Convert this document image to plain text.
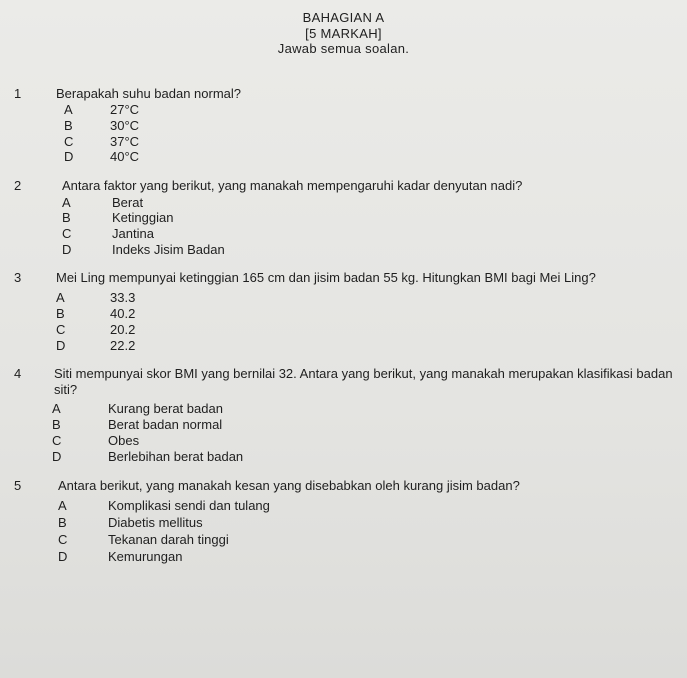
BAHAGIAN A
[5 MARKAH]
Jawab semua soalan.
1	Berapakah suhu badan normal?
A	27°C
B	30°C
C	37°C
D	40°C
2	Antara faktor yang berikut, yang manakah mempengaruhi kadar denyutan nadi?
A	Berat
B	Ketinggian
C	Jantina
D	Indeks Jisim Badan
3	Mei Ling mempunyai ketinggian 165 cm dan jisim badan 55 kg. Hitungkan BMI bagi Mei Ling?
A	33.3
B	40.2
C	20.2
D	22.2
4	Siti mempunyai skor BMI yang bernilai 32. Antara yang berikut, yang manakah merupakan klasifikasi badan siti?
A	Kurang berat badan
B	Berat badan normal
C	Obes
D	Berlebihan berat badan
5	Antara berikut, yang manakah kesan yang disebabkan oleh kurang jisim badan?
A	Komplikasi sendi dan tulang
B	Diabetis mellitus
C	Tekanan darah tinggi
D	Kemurungan
